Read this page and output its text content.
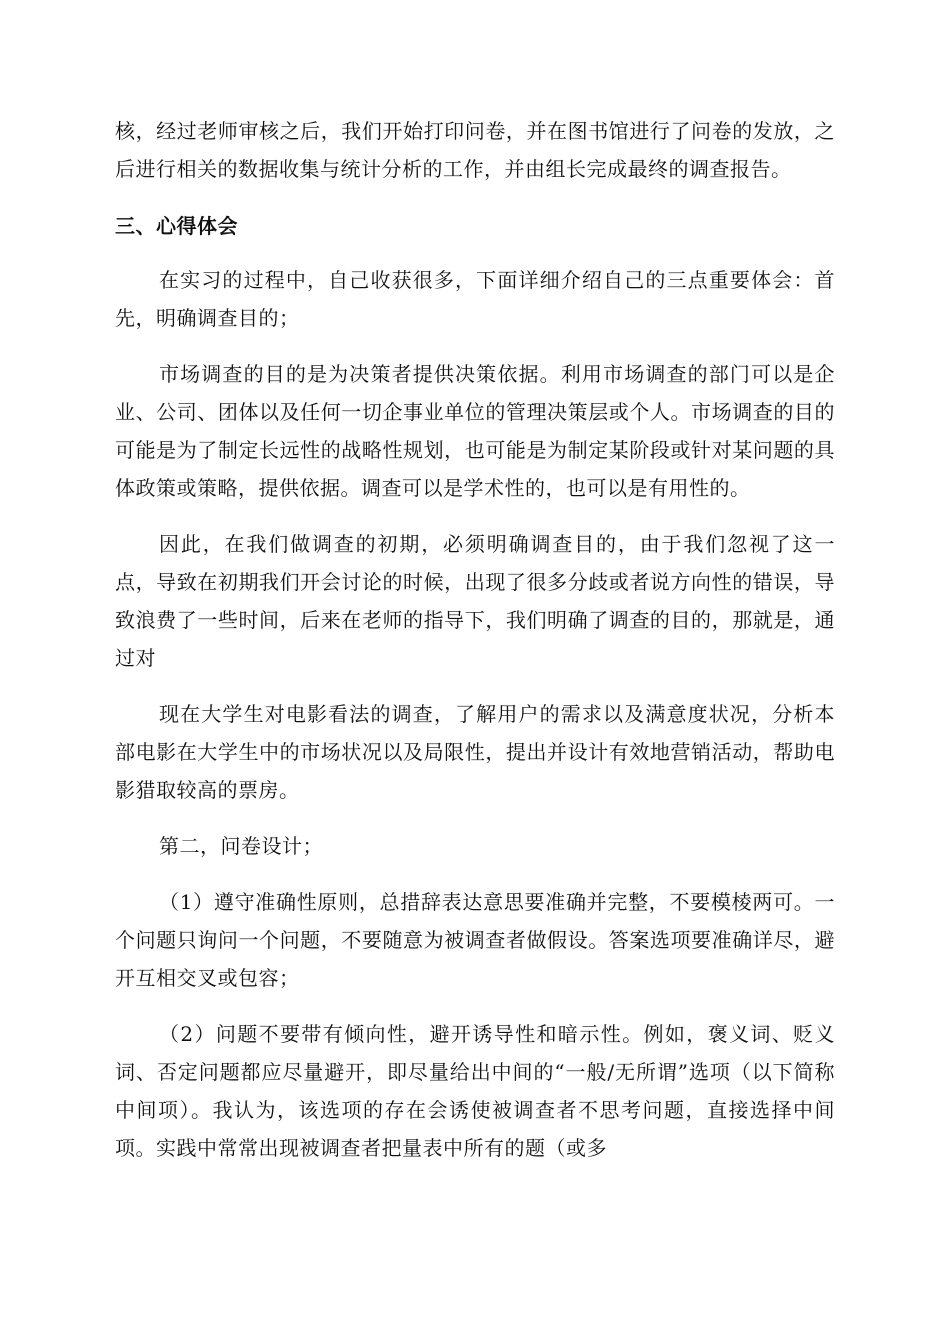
核，经过老师审核之后，我们开始打印问卷，并在图书馆进行了问卷的发放，之后进行相关的数据收集与统计分析的工作，并由组长完成最终的调查报告。

三、心得体会

在实习的过程中，自己收获很多，下面详细介绍自己的三点重要体会：首先，明确调查目的；

市场调查的目的是为决策者提供决策依据。利用市场调查的部门可以是企业、公司、团体以及任何一切企事业单位的管理决策层或个人。市场调查的目的可能是为了制定长远性的战略性规划，也可能是为制定某阶段或针对某问题的具体政策或策略，提供依据。调查可以是学术性的，也可以是有用性的。

因此，在我们做调查的初期，必须明确调查目的，由于我们忽视了这一点，导致在初期我们开会讨论的时候，出现了很多分歧或者说方向性的错误，导致浪费了一些时间，后来在老师的指导下，我们明确了调查的目的，那就是，通过对

现在大学生对电影看法的调查，了解用户的需求以及满意度状况，分析本部电影在大学生中的市场状况以及局限性，提出并设计有效地营销活动，帮助电影猎取较高的票房。

第二，问卷设计；

（1）遵守准确性原则，总措辞表达意思要准确并完整，不要模棱两可。一个问题只询问一个问题，不要随意为被调查者做假设。答案选项要准确详尽，避开互相交叉或包容；

（2）问题不要带有倾向性，避开诱导性和暗示性。例如，褒义词、贬义词、否定问题都应尽量避开，即尽量给出中间的“一般/无所谓”选项（以下简称中间项）。我认为，该选项的存在会诱使被调查者不思考问题，直接选择中间项。实践中常常出现被调查者把量表中所有的题（或多
